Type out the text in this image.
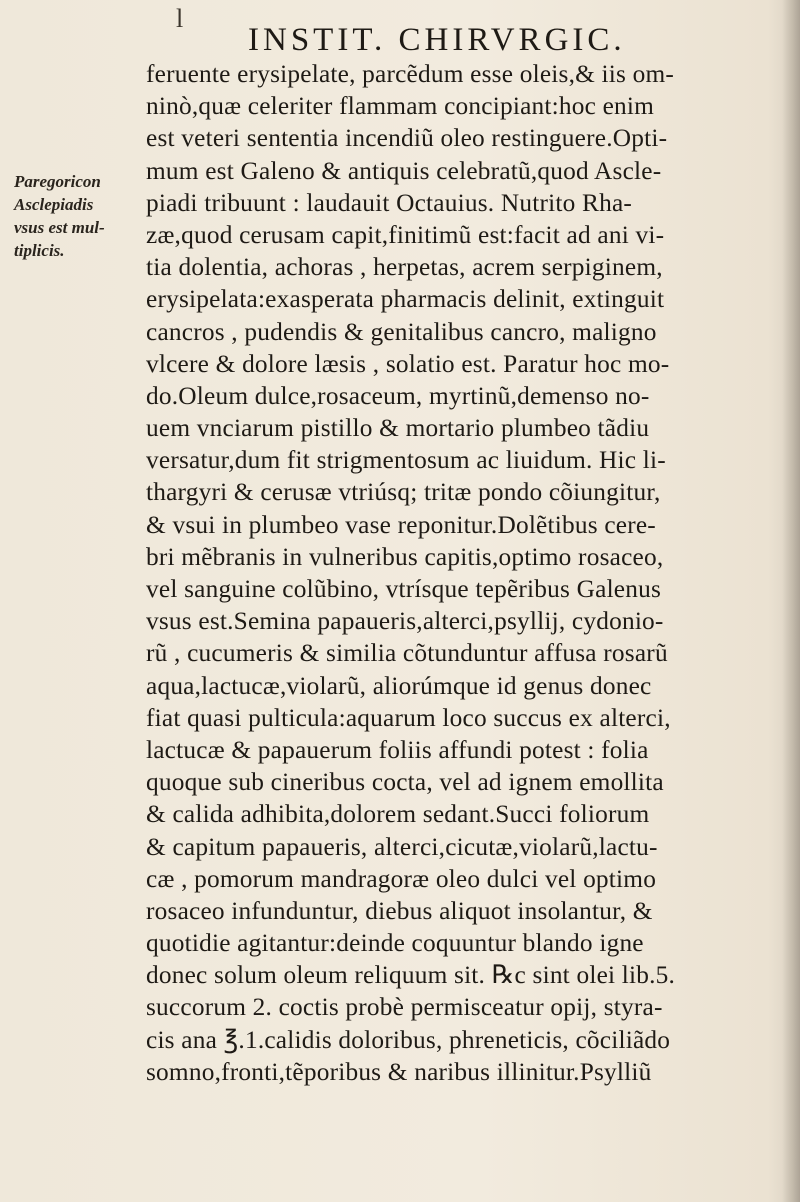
l
INSTIT. CHIRVRGIC.
Paregoricon
Asclepiadis
vsus est mul-
tiplicis.
feruente erysipelate, parcẽdum esse oleis,& iis om-
ninò,quæ celeriter flammam concipiant:hoc enim
est veteri sententia incendiũ oleo restinguere.Opti-
mum est Galeno & antiquis celebratũ,quod Ascle-
piadi tribuunt : laudauit Octauius. Nutrito Rha-
zæ,quod cerusam capit,finitimũ est:facit ad ani vi-
tia dolentia, achoras , herpetas, acrem serpiginem,
erysipelata:exasperata pharmacis delinit, extinguit
cancros , pudendis & genitalibus cancro, maligno
vlcere & dolore læsis , solatio est. Paratur hoc mo-
do.Oleum dulce,rosaceum, myrtinũ,demenso no-
uem vnciarum pistillo & mortario plumbeo tãdiu
versatur,dum fit strigmentosum ac liuidum. Hic li-
thargyri & cerusæ vtriúsq; tritæ pondo cõiungitur,
& vsui in plumbeo vase reponitur.Dolẽtibus cere-
bri mẽbranis in vulneribus capitis,optimo rosaceo,
vel sanguine colũbino, vtrísque tepẽribus Galenus
vsus est.Semina papaueris,alterci,psyllij, cydonio-
rũ , cucumeris & similia cõtunduntur affusa rosarũ
aqua,lactucæ,violarũ, aliorúmque id genus donec
fiat quasi pulticula:aquarum loco succus ex alterci,
lactucæ & papauerum foliis affundi potest : folia
quoque sub cineribus cocta, vel ad ignem emollita
& calida adhibita,dolorem sedant.Succi foliorum
& capitum papaueris, alterci,cicutæ,violarũ,lactu-
cæ , pomorum mandragoræ oleo dulci vel optimo
rosaceo infunduntur, diebus aliquot insolantur, &
quotidie agitantur:deinde coquuntur blando igne
donec solum oleum reliquum sit. ℞c sint olei lib.5.
succorum 2. coctis probè permisceatur opij, styra-
cis ana ℥.1.calidis doloribus, phreneticis, cõciliãdo
somno,fronti,tẽporibus & naribus illinitur.Psylliũ
